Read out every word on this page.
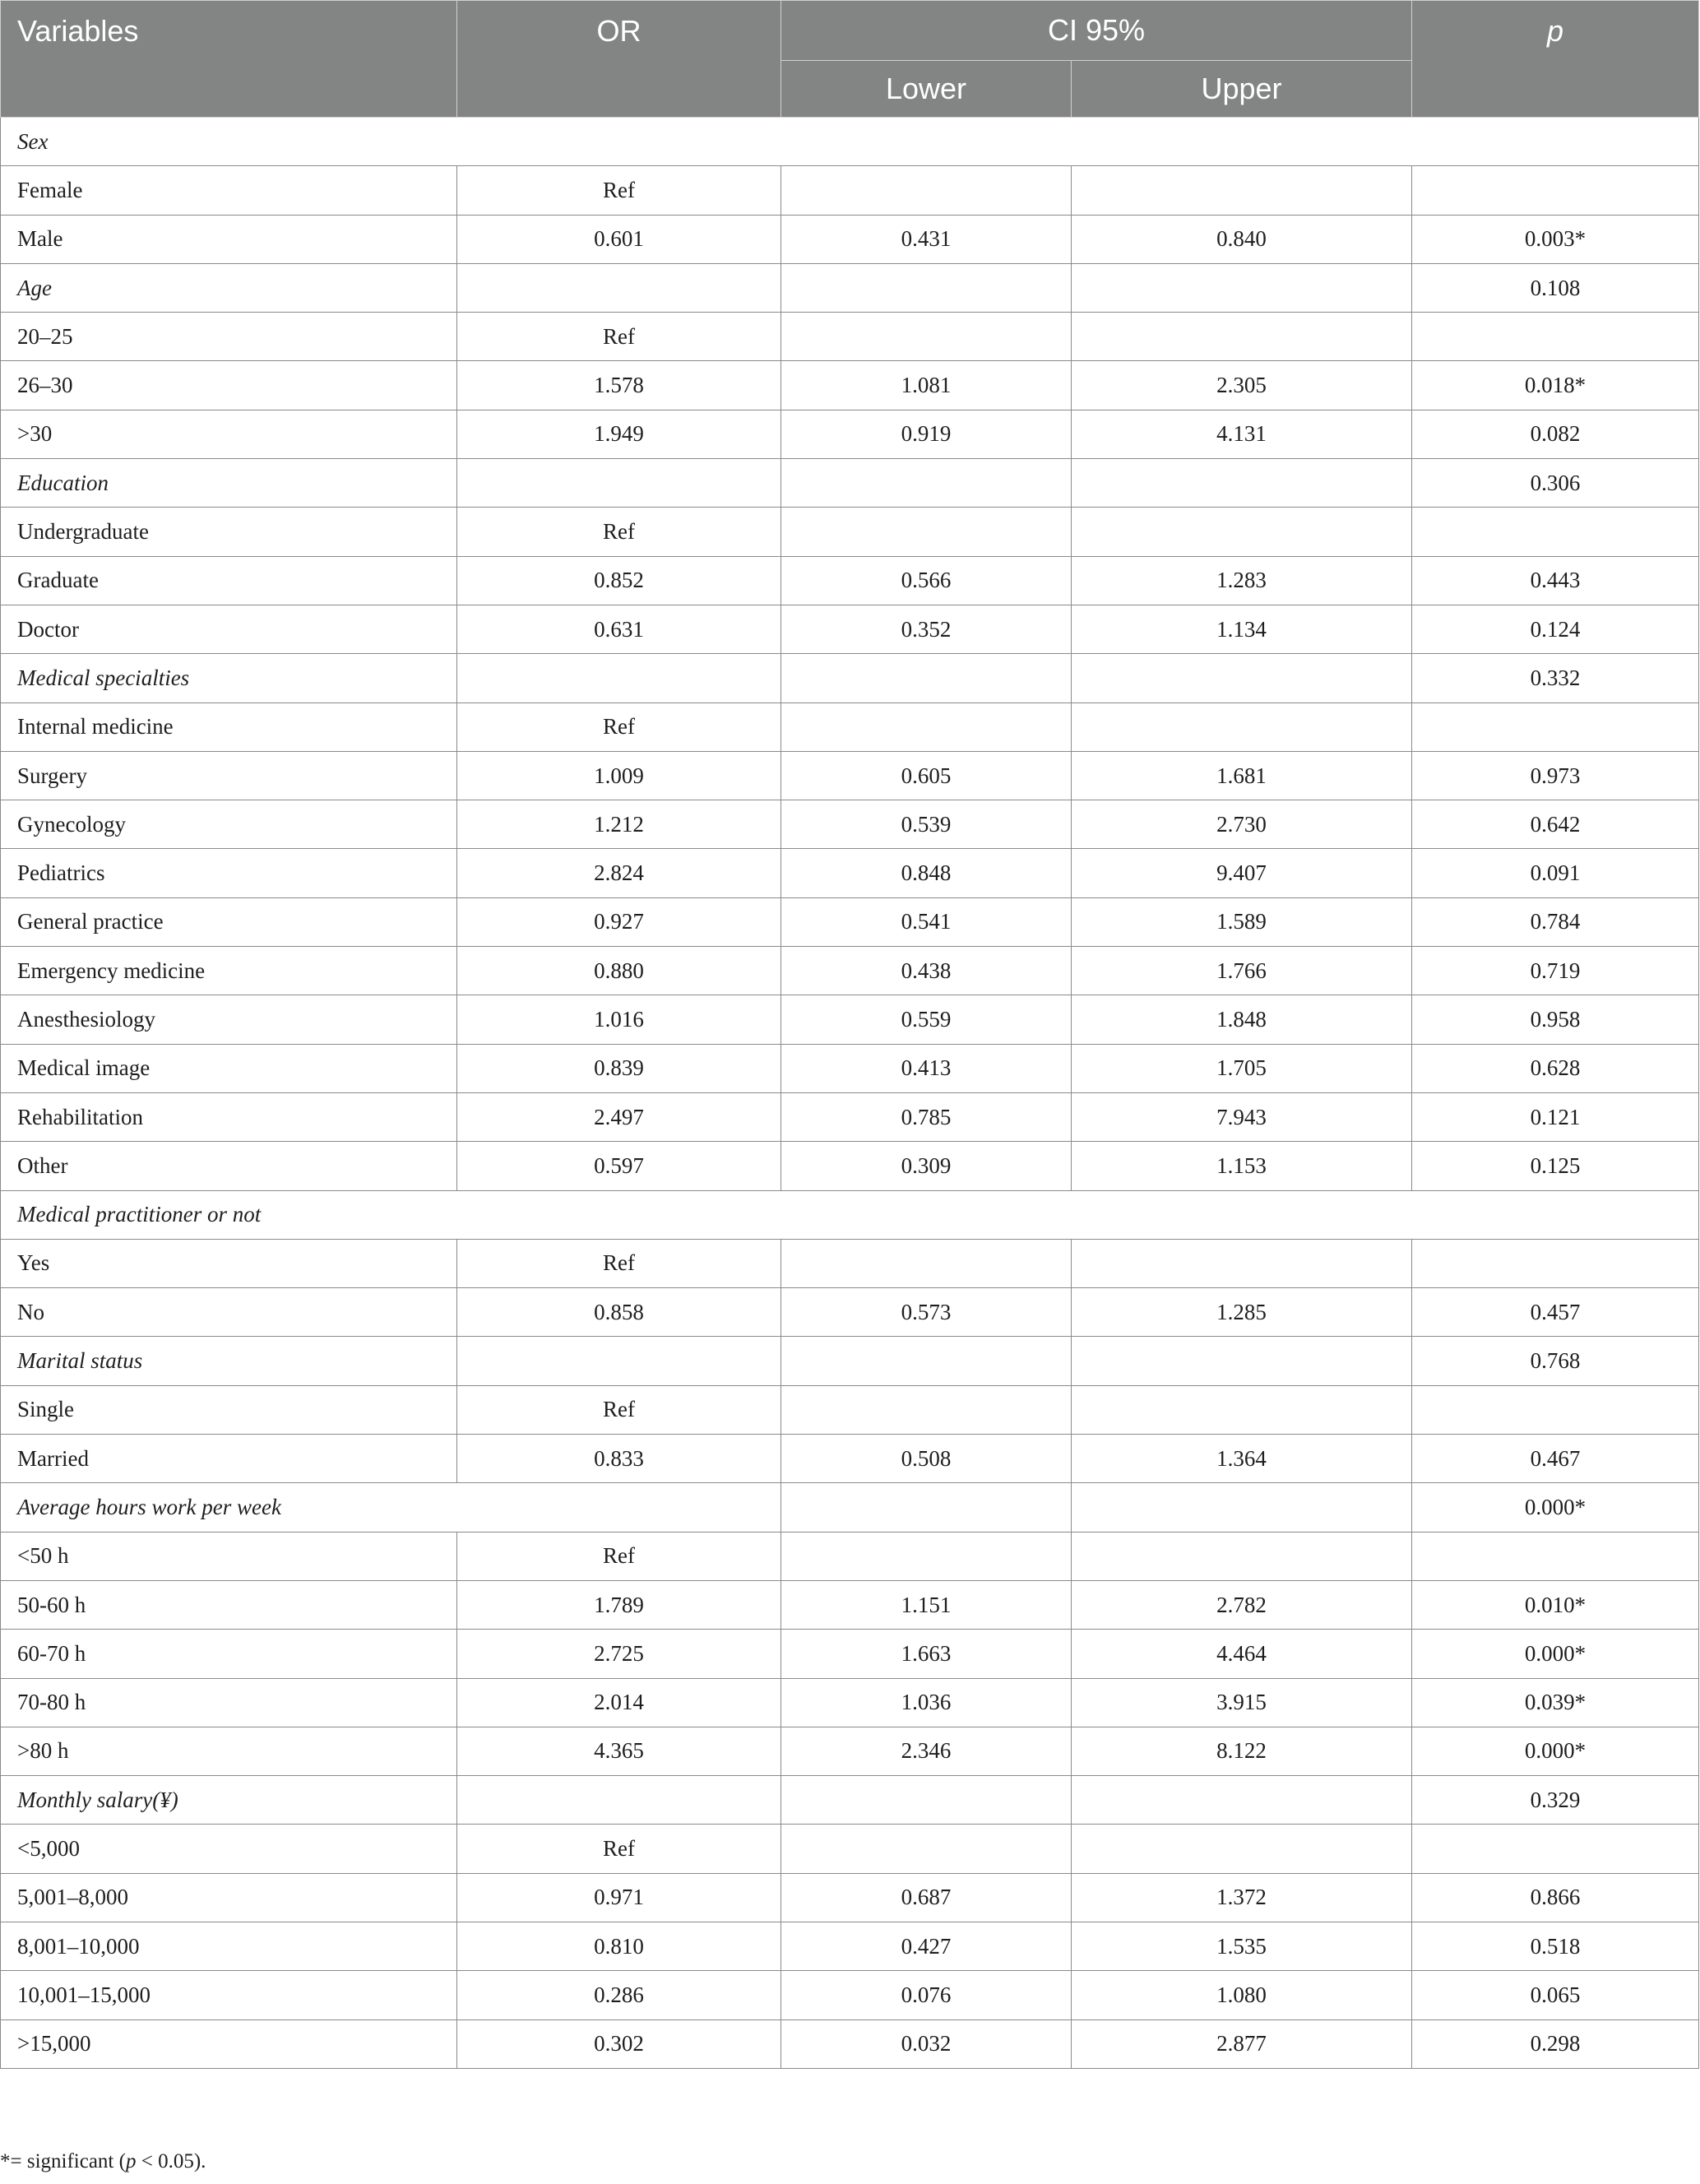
Variables	OR	CI 95%		p
		Lower	Upper	
Sex				
Female	Ref			
Male	0.601	0.431	0.840	0.003*
Age				0.108
20–25	Ref			
26–30	1.578	1.081	2.305	0.018*
>30	1.949	0.919	4.131	0.082
Education				0.306
Undergraduate	Ref			
Graduate	0.852	0.566	1.283	0.443
Doctor	0.631	0.352	1.134	0.124
Medical specialties				0.332
Internal medicine	Ref			
Surgery	1.009	0.605	1.681	0.973
Gynecology	1.212	0.539	2.730	0.642
Pediatrics	2.824	0.848	9.407	0.091
General practice	0.927	0.541	1.589	0.784
Emergency medicine	0.880	0.438	1.766	0.719
Anesthesiology	1.016	0.559	1.848	0.958
Medical image	0.839	0.413	1.705	0.628
Rehabilitation	2.497	0.785	7.943	0.121
Other	0.597	0.309	1.153	0.125
Medical practitioner or not				
Yes	Ref			
No	0.858	0.573	1.285	0.457
Marital status				0.768
Single	Ref			
Married	0.833	0.508	1.364	0.467
Average hours work per week				0.000*
<50 h	Ref			
50-60 h	1.789	1.151	2.782	0.010*
60-70 h	2.725	1.663	4.464	0.000*
70-80 h	2.014	1.036	3.915	0.039*
>80 h	4.365	2.346	8.122	0.000*
Monthly salary(¥)				0.329
<5,000	Ref			
5,001–8,000	0.971	0.687	1.372	0.866
8,001–10,000	0.810	0.427	1.535	0.518
10,001–15,000	0.286	0.076	1.080	0.065
>15,000	0.302	0.032	2.877	0.298
*= significant (p < 0.05).
